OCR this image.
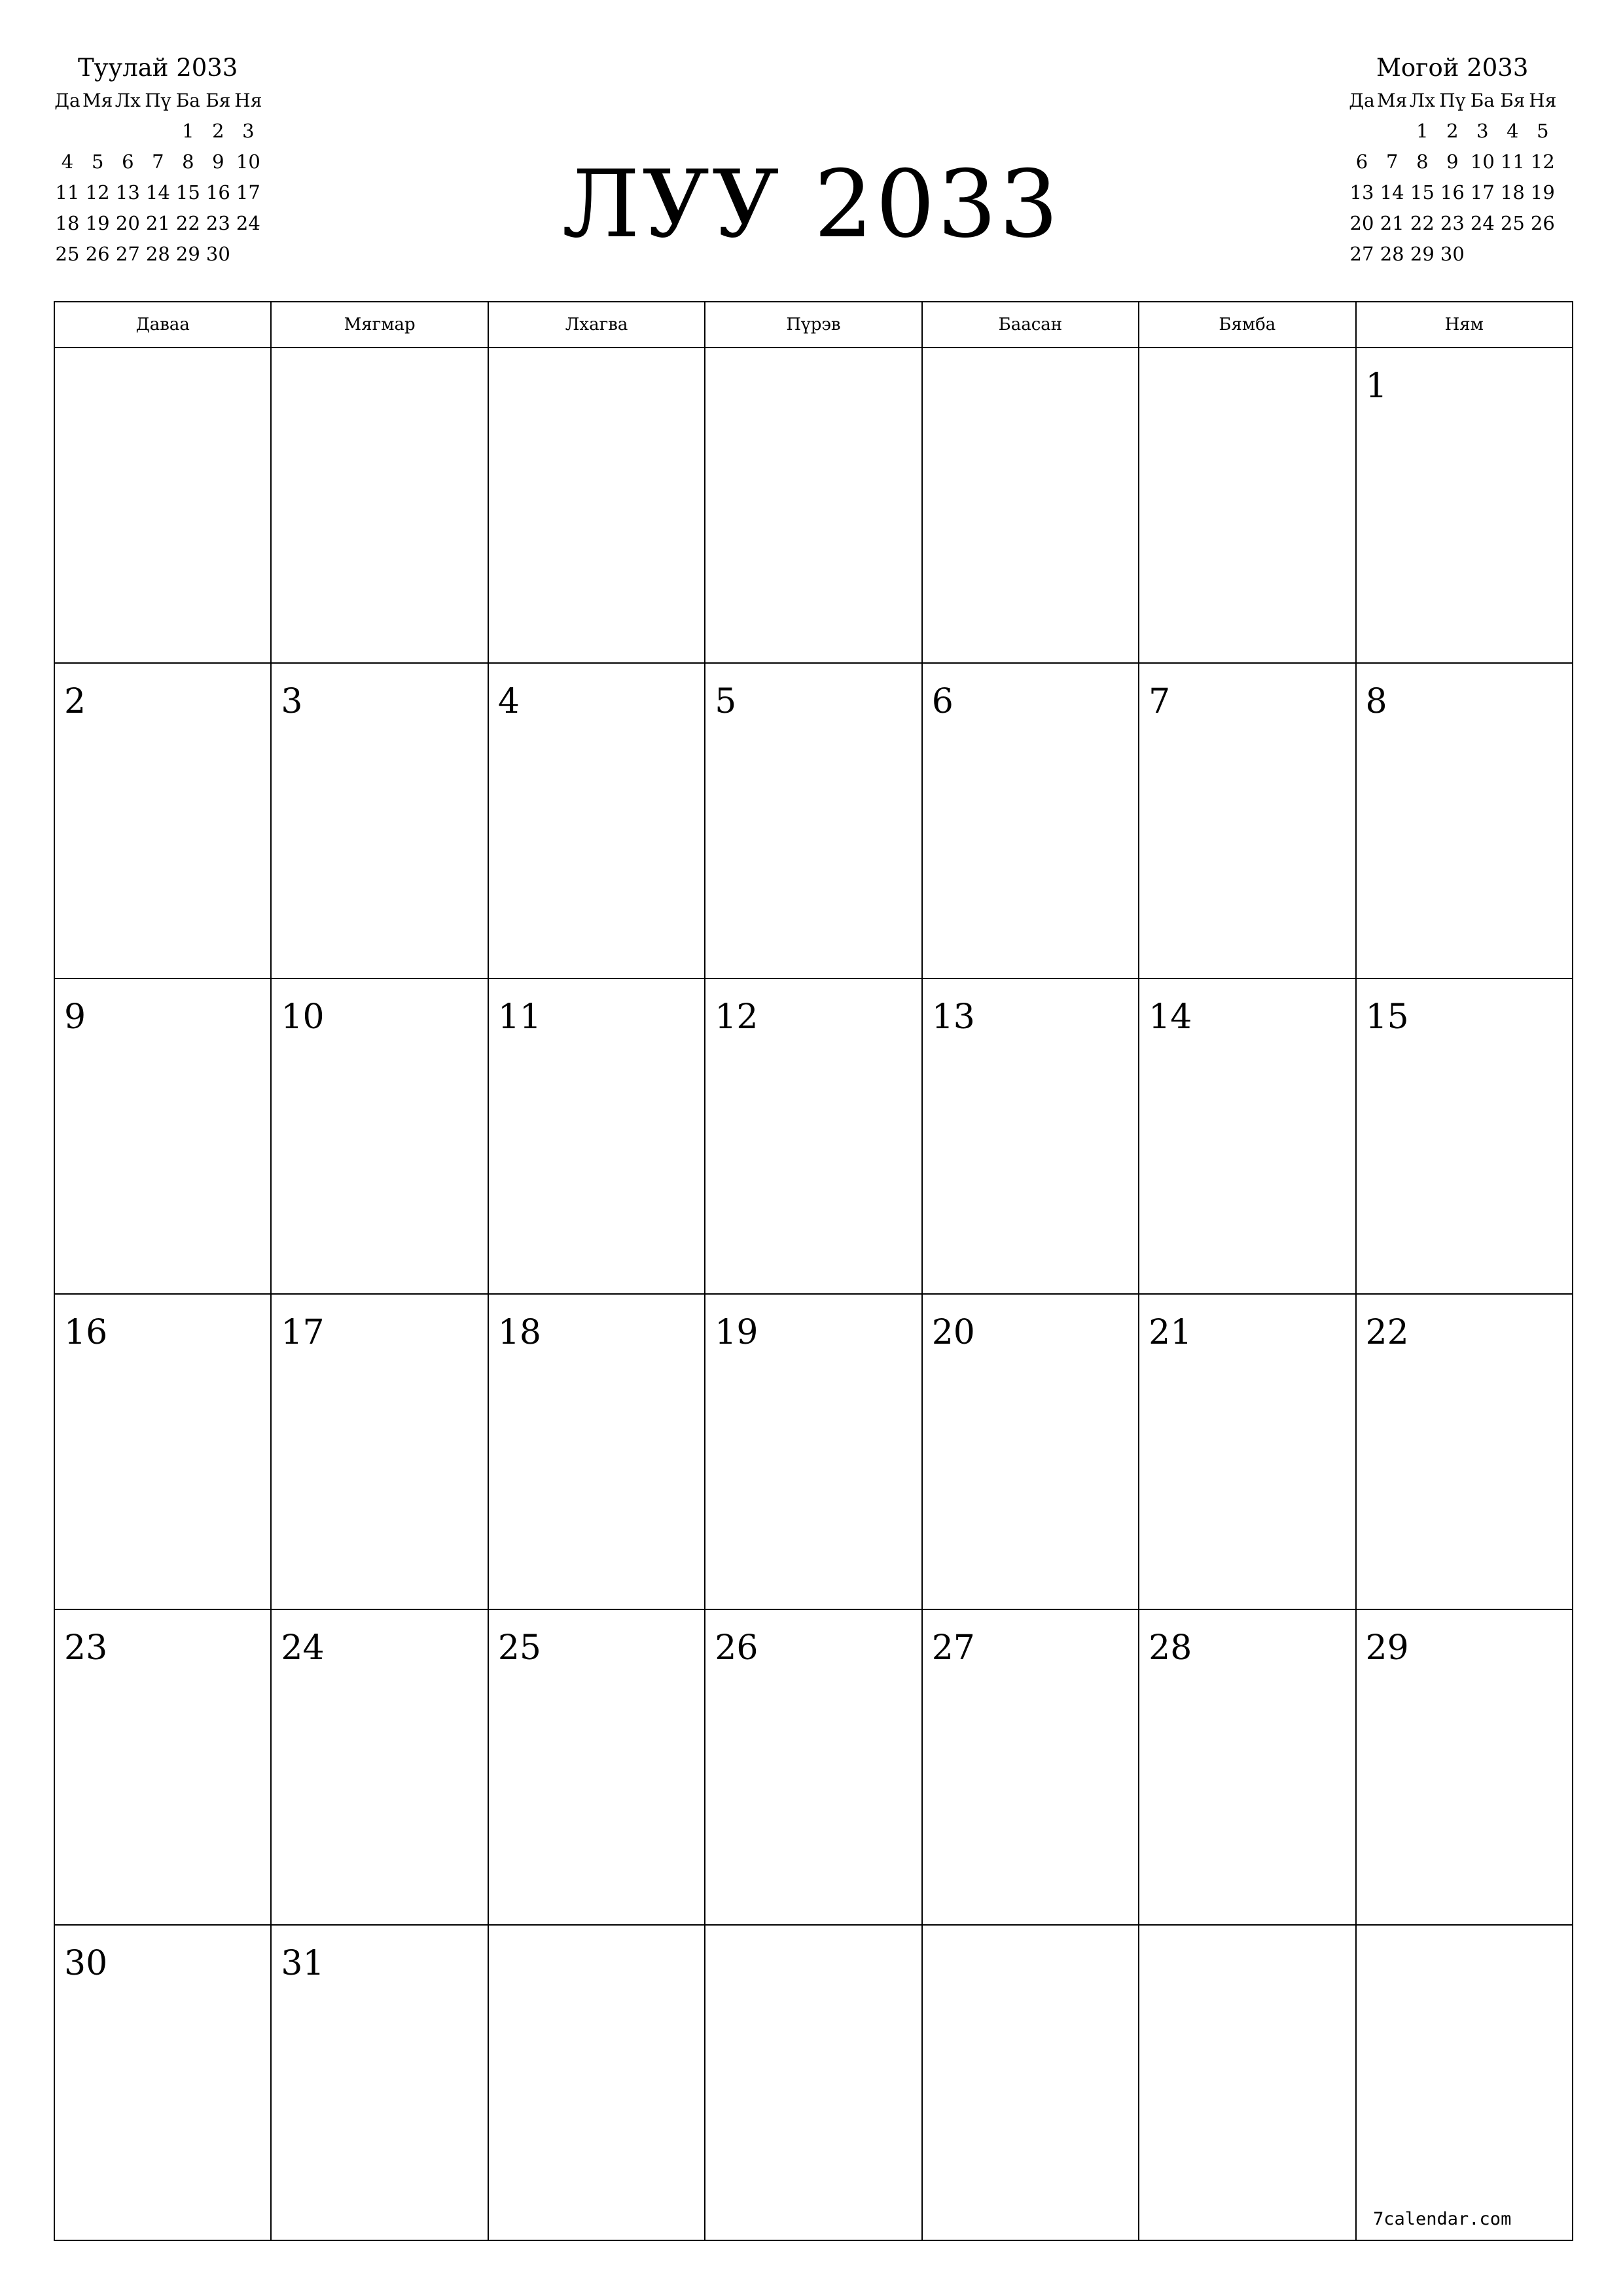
Туулай 2033
Да	Мя	Лх	Пү	Ба	Бя	Ня
				1	2	3
4	5	6	7	8	9	10
11	12	13	14	15	16	17
18	19	20	21	22	23	24
25	26	27	28	29	30	
Могой 2033
Да	Мя	Лх	Пү	Ба	Бя	Ня
		1	2	3	4	5
6	7	8	9	10	11	12
13	14	15	16	17	18	19
20	21	22	23	24	25	26
27	28	29	30			
ЛУУ 2033
Даваа	Мягмар	Лхагва	Пүрэв	Баасан	Бямба	Ням

						1

2	3	4	5	6	7	8

9	10	11	12	13	14	15

16	17	18	19	20	21	22

23	24	25	26	27	28	29

30	31					

7calendar.com
